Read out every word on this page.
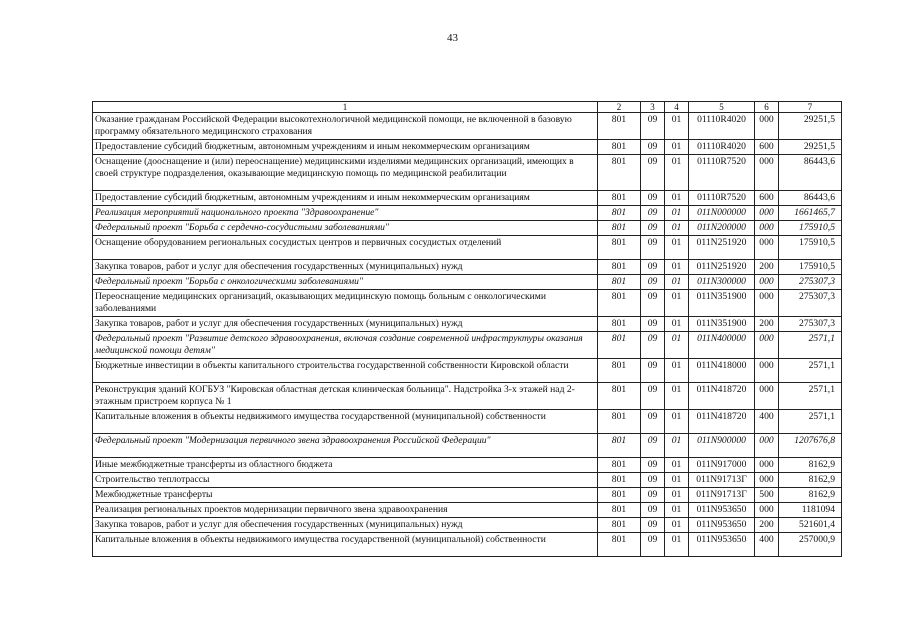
43
1	2	3	4	5	6	7
Оказание гражданам Российской Федерации высокотехнологичной медицинской помощи, не включенной в базовую программу обязательного медицинского страхования	801	09	01	01110R4020	000	29251,5
Предоставление субсидий бюджетным, автономным учреждениям и иным некоммерческим организациям	801	09	01	01110R4020	600	29251,5
Оснащение (дооснащение и (или) переоснащение) медицинскими изделиями медицинских организаций, имеющих в своей структуре подразделения, оказывающие медицинскую помощь по медицинской реабилитации	801	09	01	01110R7520	000	86443,6
Предоставление субсидий бюджетным, автономным учреждениям и иным некоммерческим организациям	801	09	01	01110R7520	600	86443,6
Реализация мероприятий национального проекта "Здравоохранение"	801	09	01	011N000000	000	1661465,7
Федеральный проект "Борьба с сердечно-сосудистыми заболеваниями"	801	09	01	011N200000	000	175910,5
Оснащение оборудованием региональных сосудистых центров и первичных сосудистых отделений	801	09	01	011N251920	000	175910,5
Закупка товаров, работ и услуг для обеспечения государственных (муниципальных) нужд	801	09	01	011N251920	200	175910,5
Федеральный проект "Борьба с онкологическими заболеваниями"	801	09	01	011N300000	000	275307,3
Переоснащение медицинских организаций, оказывающих медицинскую помощь больным с онкологическими заболеваниями	801	09	01	011N351900	000	275307,3
Закупка товаров, работ и услуг для обеспечения государственных (муниципальных) нужд	801	09	01	011N351900	200	275307,3
Федеральный проект "Развитие детского здравоохранения, включая создание современной инфраструктуры оказания медицинской помощи детям"	801	09	01	011N400000	000	2571,1
Бюджетные инвестиции в объекты капитального строительства государственной собственности Кировской области	801	09	01	011N418000	000	2571,1
Реконструкция зданий КОГБУЗ "Кировская областная детская клиническая больница". Надстройка 3-х этажей над 2-этажным пристроем корпуса № 1	801	09	01	011N418720	000	2571,1
Капитальные вложения в объекты недвижимого имущества государственной (муниципальной) собственности	801	09	01	011N418720	400	2571,1
Федеральный проект "Модернизация первичного звена здравоохранения Российской Федерации"	801	09	01	011N900000	000	1207676,8
Иные межбюджетные трансферты из областного бюджета	801	09	01	011N917000	000	8162,9
Строительство теплотрассы	801	09	01	011N91713Г	000	8162,9
Межбюджетные трансферты	801	09	01	011N91713Г	500	8162,9
Реализация региональных проектов модернизации первичного звена здравоохранения	801	09	01	011N953650	000	1181094
Закупка товаров, работ и услуг для обеспечения государственных (муниципальных) нужд	801	09	01	011N953650	200	521601,4
Капитальные вложения в объекты недвижимого имущества государственной (муниципальной) собственности	801	09	01	011N953650	400	257000,9
